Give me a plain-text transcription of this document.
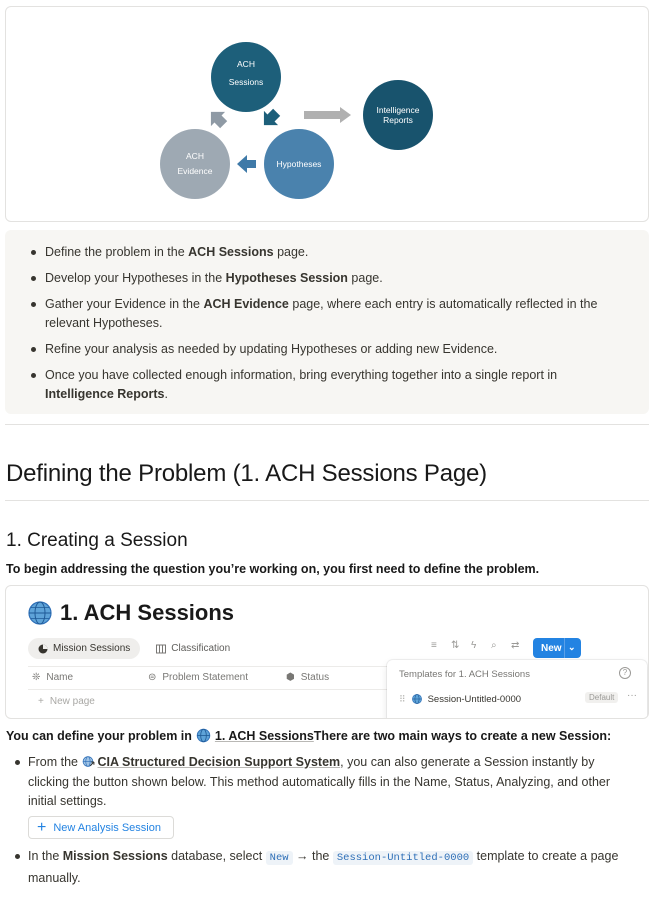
ACH
Sessions
Hypotheses
ACH
Evidence
Intelligence
Reports
Define the problem in the ACH Sessions page.
Develop your Hypotheses in the Hypotheses Session page.
Gather your Evidence in the ACH Evidence page, where each entry is automatically reflected in the relevant Hypotheses.
Refine your analysis as needed by updating Hypotheses or adding new Evidence.
Once you have collected enough information, bring everything together into a single report in Intelligence Reports.
Defining the Problem (1. ACH Sessions Page)
1. Creating a Session
To begin addressing the question you’re working on, you first need to define the problem.
1. ACH Sessions
Mission Sessions	Classification	≡	⇅ ϟ	⌕	⇄ New ⌄
❊ Name	⊜ Problem Statement	⬢ Status
+ New page
Templates for 1. ACH Sessions	?
⠿ Session-Untitled-0000	Default	···
You can define your problem in 1. ACH Sessions There are two main ways to create a new Session:
From the CIA Structured Decision Support System, you can also generate a Session instantly by clicking the button shown below. This method automatically fills in the Name, Status, Analyzing, and other initial settings.
+ New Analysis Session
In the Mission Sessions database, select New → the Session-Untitled-0000 template to create a page manually.
